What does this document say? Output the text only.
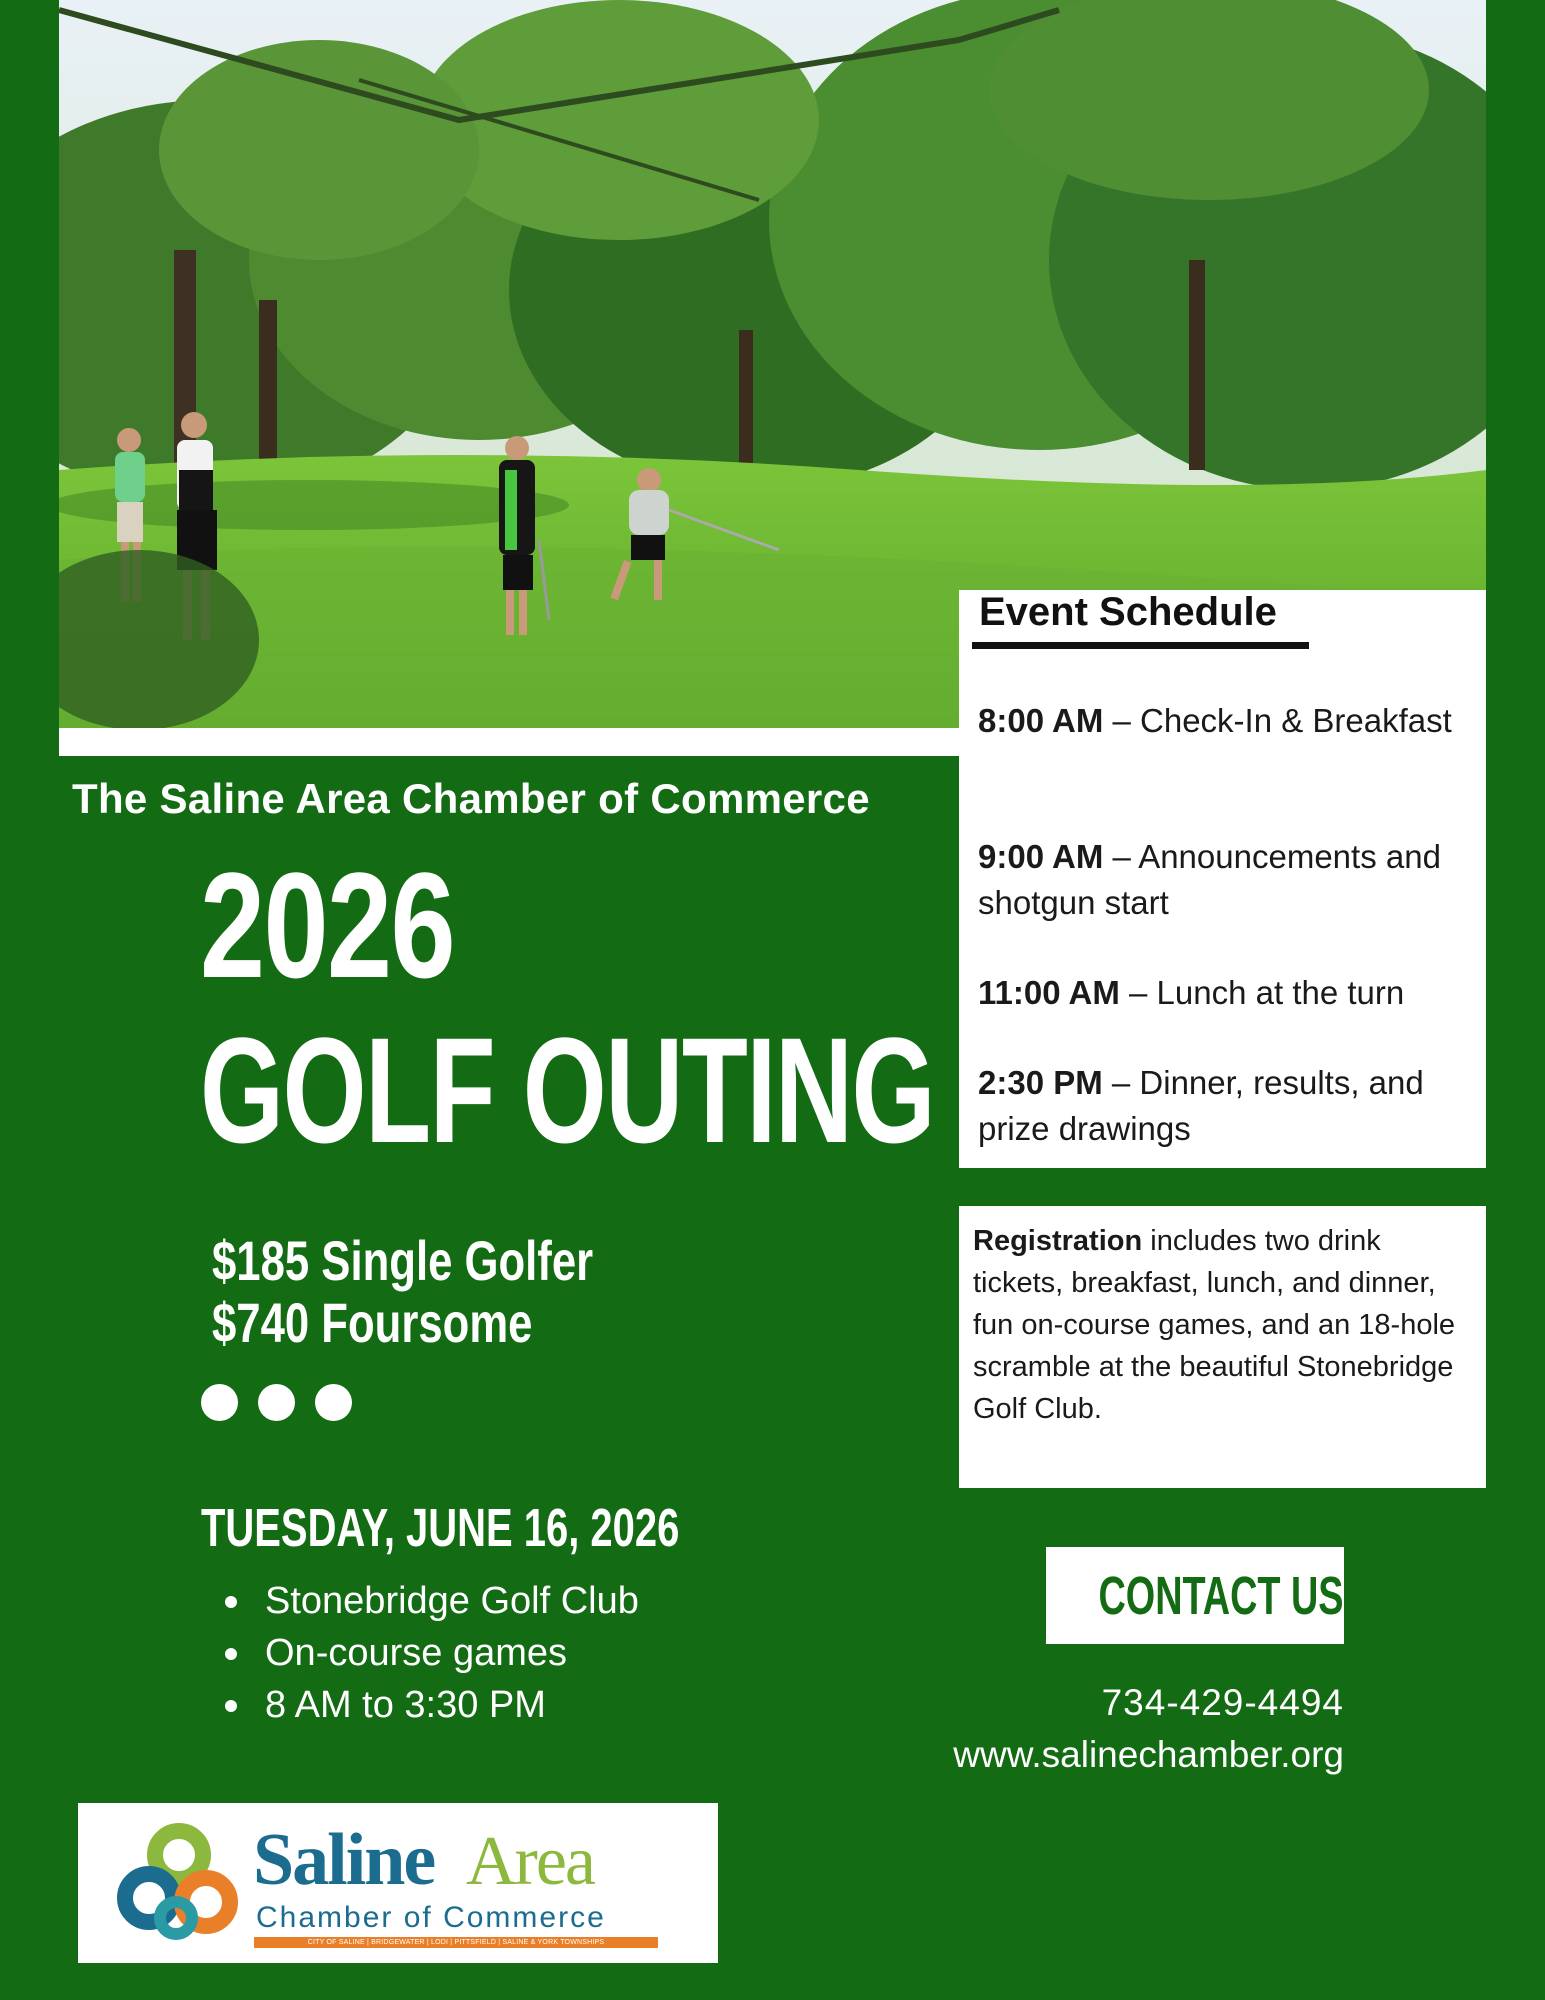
The Saline Area Chamber of Commerce
2026
GOLF OUTING
$185 Single Golfer
$740 Foursome
TUESDAY, JUNE 16, 2026
Stonebridge Golf Club
On-course games
8 AM to 3:30 PM
Saline Area
Chamber of Commerce
CITY OF SALINE | BRIDGEWATER | LODI | PITTSFIELD | SALINE & YORK TOWNSHIPS
Event Schedule
8:00 AM – Check-In & Breakfast
9:00 AM – Announcements and shotgun start
11:00 AM – Lunch at the turn
2:30 PM – Dinner, results, and prize drawings
Registration includes two drink tickets, breakfast, lunch, and dinner, fun on-course games, and an 18-hole scramble at the beautiful Stonebridge Golf Club.
CONTACT US
734-429-4494
www.salinechamber.org
